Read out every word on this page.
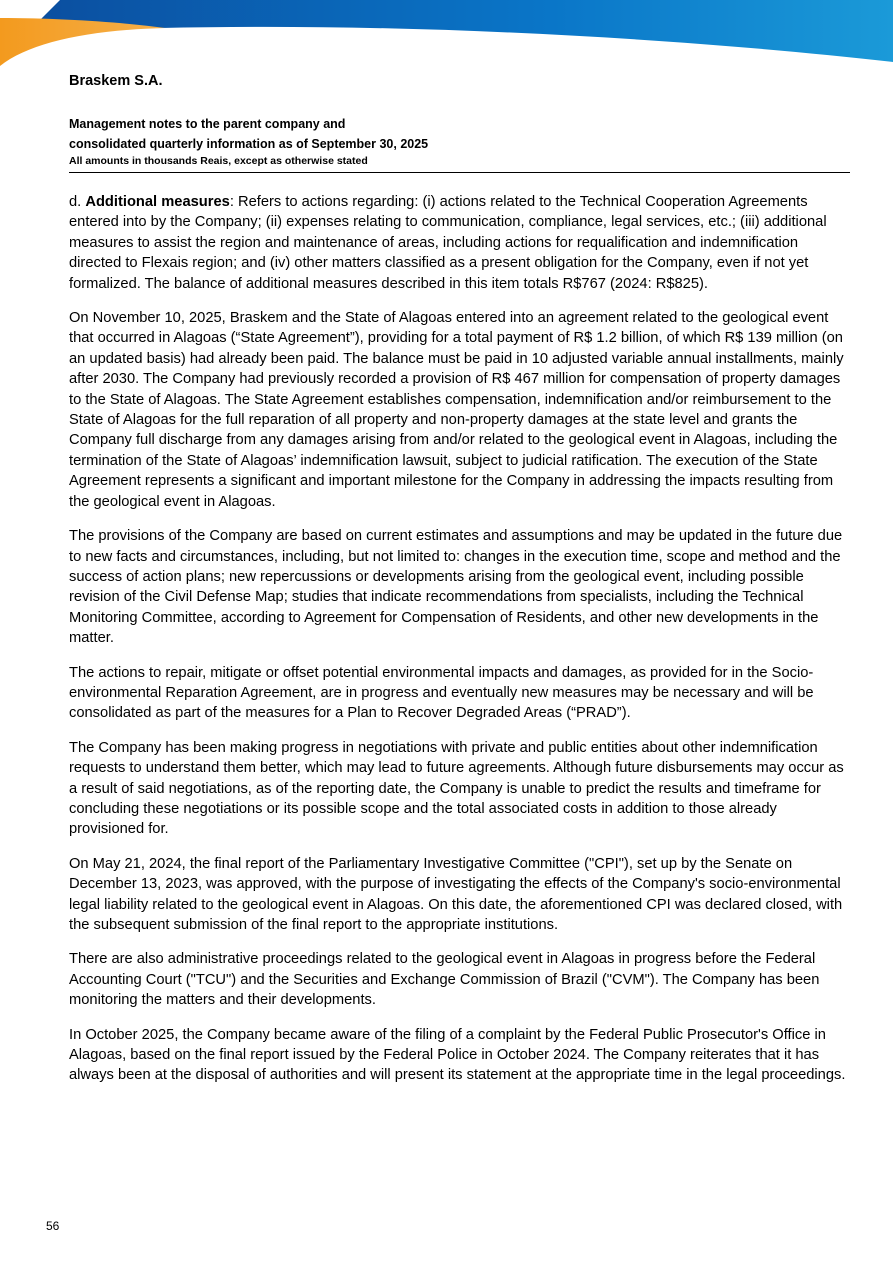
Braskem S.A.
Management notes to the parent company and
consolidated quarterly information as of September 30, 2025
All amounts in thousands Reais, except as otherwise stated

d. Additional measures: Refers to actions regarding: (i) actions related to the Technical Cooperation Agreements entered into by the Company; (ii) expenses relating to communication, compliance, legal services, etc.; (iii) additional measures to assist the region and maintenance of areas, including actions for requalification and indemnification directed to Flexais region; and (iv) other matters classified as a present obligation for the Company, even if not yet formalized. The balance of additional measures described in this item totals R$767 (2024: R$825).

On November 10, 2025, Braskem and the State of Alagoas entered into an agreement related to the geological event that occurred in Alagoas (“State Agreement”), providing for a total payment of R$ 1.2 billion, of which R$ 139 million (on an updated basis) had already been paid. The balance must be paid in 10 adjusted variable annual installments, mainly after 2030. The Company had previously recorded a provision of R$ 467 million for compensation of property damages to the State of Alagoas. The State Agreement establishes compensation, indemnification and/or reimbursement to the State of Alagoas for the full reparation of all property and non-property damages at the state level and grants the Company full discharge from any damages arising from and/or related to the geological event in Alagoas, including the termination of the State of Alagoas’ indemnification lawsuit, subject to judicial ratification. The execution of the State Agreement represents a significant and important milestone for the Company in addressing the impacts resulting from the geological event in Alagoas.

The provisions of the Company are based on current estimates and assumptions and may be updated in the future due to new facts and circumstances, including, but not limited to: changes in the execution time, scope and method and the success of action plans; new repercussions or developments arising from the geological event, including possible revision of the Civil Defense Map; studies that indicate recommendations from specialists, including the Technical Monitoring Committee, according to Agreement for Compensation of Residents, and other new developments in the matter.

The actions to repair, mitigate or offset potential environmental impacts and damages, as provided for in the Socio-environmental Reparation Agreement, are in progress and eventually new measures may be necessary and will be consolidated as part of the measures for a Plan to Recover Degraded Areas (“PRAD”).

The Company has been making progress in negotiations with private and public entities about other indemnification requests to understand them better, which may lead to future agreements. Although future disbursements may occur as a result of said negotiations, as of the reporting date, the Company is unable to predict the results and timeframe for concluding these negotiations or its possible scope and the total associated costs in addition to those already provisioned for.

On May 21, 2024, the final report of the Parliamentary Investigative Committee ("CPI"), set up by the Senate on December 13, 2023, was approved, with the purpose of investigating the effects of the Company's socio-environmental legal liability related to the geological event in Alagoas. On this date, the aforementioned CPI was declared closed, with the subsequent submission of the final report to the appropriate institutions.

There are also administrative proceedings related to the geological event in Alagoas in progress before the Federal Accounting Court ("TCU") and the Securities and Exchange Commission of Brazil ("CVM"). The Company has been monitoring the matters and their developments.

In October 2025, the Company became aware of the filing of a complaint by the Federal Public Prosecutor's Office in Alagoas, based on the final report issued by the Federal Police in October 2024. The Company reiterates that it has always been at the disposal of authorities and will present its statement at the appropriate time in the legal proceedings.

56
